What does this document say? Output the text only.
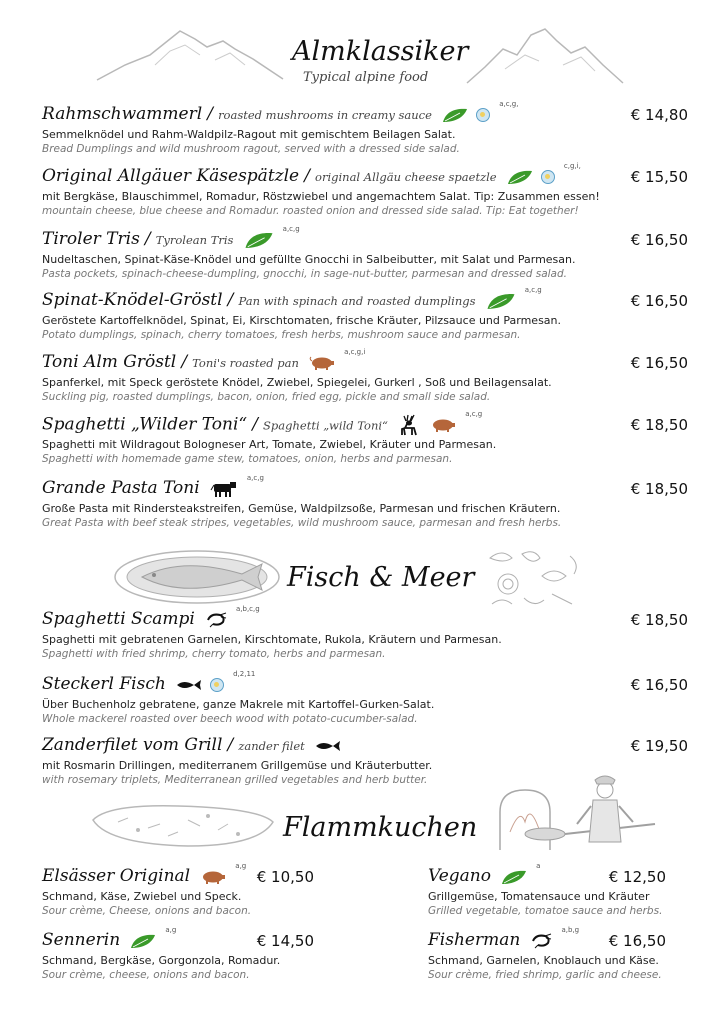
Almklassiker
Typical alpine food
Rahmschwammerl / roasted mushrooms in creamy sauce   $^{a,c,g,}$
€ 14,80
Semmelknödel und Rahm-Waldpilz-Ragout mit gemischtem Beilagen Salat.
Bread Dumplings and wild mushroom ragout, served with a dressed side salad.
Original Allgäuer Käsespätzle / original Allgäu cheese spaetzle   $^{c,g,i,}$
€ 15,50
mit Bergkäse, Blauschimmel, Romadur, Röstzwiebel und angemachtem Salat. Tip: Zusammen essen!
mountain cheese, blue cheese and Romadur. roasted onion and dressed side salad. Tip: Eat together!
Tiroler Tris / Tyrolean Tris  $^{a,c,g}$
€ 16,50
Nudeltaschen, Spinat-Käse-Knödel und gefüllte Gnocchi in Salbeibutter, mit Salat und Parmesan.
Pasta pockets, spinach-cheese-dumpling, gnocchi, in sage-nut-butter, parmesan and dressed salad.
Spinat-Knödel-Gröstl / Pan with spinach and roasted dumplings  $^{a,c,g}$
€ 16,50
Geröstete Kartoffelknödel, Spinat, Ei, Kirschtomaten, frische Kräuter, Pilzsauce und Parmesan.
Potato dumplings, spinach, cherry tomatoes, fresh herbs, mushroom sauce and parmesan.
Toni Alm Gröstl / Toni's roasted pan  $^{a,c,g,i}$
€ 16,50
Spanferkel, mit Speck geröstete Knödel, Zwiebel, Spiegelei, Gurkerl , Soß und Beilagensalat.
Suckling pig, roasted dumplings, bacon, onion, fried egg, pickle and small side salad.
Spaghetti „Wilder Toni“ / Spaghetti „wild Toni“   $^{a,c,g}$
€ 18,50
Spaghetti mit Wildragout Bologneser Art, Tomate, Zwiebel, Kräuter und Parmesan.
Spaghetti with homemade game stew, tomatoes, onion, herbs and parmesan.
Grande Pasta Toni	$^{a,c,g}$
€ 18,50
Große Pasta mit Rindersteakstreifen, Gemüse, Waldpilzsoße, Parmesan und frischen Kräutern.
Great Pasta with beef steak stripes, vegetables, wild mushroom sauce, parmesan and fresh herbs.
Fisch & Meer
Spaghetti Scampi	$^{a,b,c,g}$
€ 18,50
Spaghetti mit gebratenen Garnelen, Kirschtomate, Rukola, Kräutern und Parmesan.
Spaghetti with fried shrimp, cherry tomato, herbs and parmesan.
Steckerl Fisch	$^{d,2,11}$
€ 16,50
Über Buchenholz gebratene, ganze Makrele mit Kartoffel-Gurken-Salat.
Whole mackerel roasted over beech wood with potato-cucumber-salad.
Zanderfilet vom Grill / zander filet	€ 19,50
mit Rosmarin Drillingen, mediterranem Grillgemüse und Kräuterbutter.
with rosemary triplets, Mediterranean grilled vegetables and herb butter.
Flammkuchen
Elsässer Original	$^{a,g}$
€ 10,50
Schmand, Käse, Zwiebel und Speck.
Sour crème, Cheese, onions and bacon.
Vegano	$^a$
€ 12,50
Grillgemüse, Tomatensauce und Kräuter
Grilled vegetable, tomatoe sauce and herbs.
Sennerin	$^{a,g}$
€ 14,50
Schmand, Bergkäse, Gorgonzola, Romadur.
Sour crème, cheese, onions and bacon.
Fisherman	$^{a,b,g}$
€ 16,50
Schmand, Garnelen, Knoblauch und Käse.
Sour crème, fried shrimp, garlic and cheese.
